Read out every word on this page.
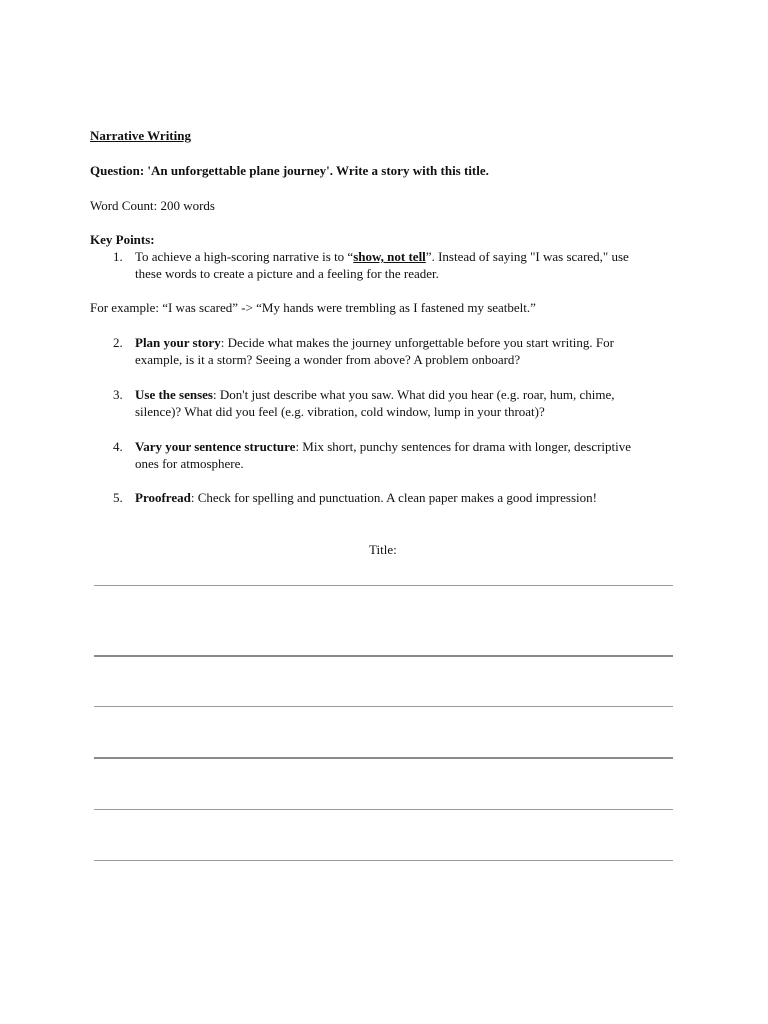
Narrative Writing
Question: 'An unforgettable plane journey'. Write a story with this title.
Word Count: 200 words
Key Points:
1. To achieve a high-scoring narrative is to “show, not tell”. Instead of saying "I was scared," use
these words to create a picture and a feeling for the reader.
For example: “I was scared” -> “My hands were trembling as I fastened my seatbelt.”
2. Plan your story: Decide what makes the journey unforgettable before you start writing. For
example, is it a storm? Seeing a wonder from above? A problem onboard?
3. Use the senses: Don't just describe what you saw. What did you hear (e.g. roar, hum, chime,
silence)? What did you feel (e.g. vibration, cold window, lump in your throat)?
4. Vary your sentence structure: Mix short, punchy sentences for drama with longer, descriptive
ones for atmosphere.
5. Proofread: Check for spelling and punctuation. A clean paper makes a good impression!
Title:
